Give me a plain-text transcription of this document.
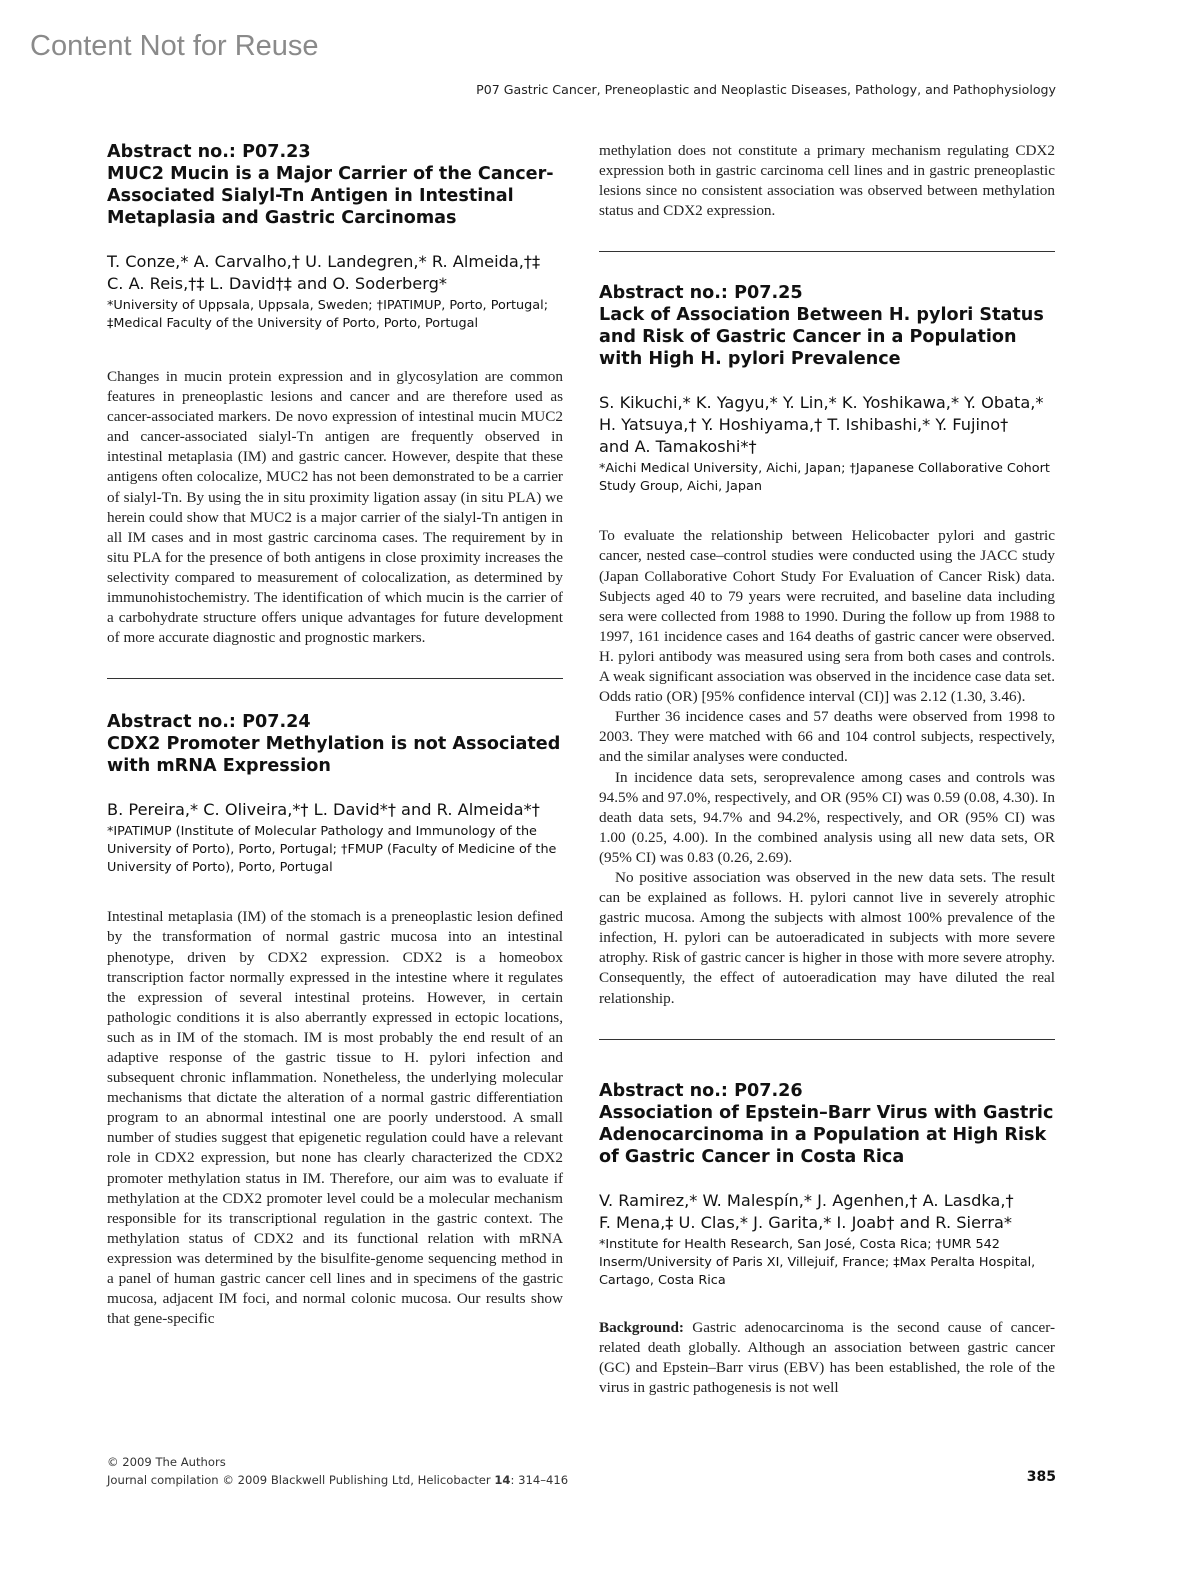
Content Not for Reuse
P07 Gastric Cancer, Preneoplastic and Neoplastic Diseases, Pathology, and Pathophysiology

Abstract no.: P07.23

MUC2 Mucin is a Major Carrier of the Cancer-Associated Sialyl-Tn Antigen in Intestinal Metaplasia and Gastric Carcinomas

T. Conze,* A. Carvalho,† U. Landegren,* R. Almeida,†‡
C. A. Reis,†‡ L. David†‡ and O. Soderberg*

*University of Uppsala, Uppsala, Sweden; †IPATIMUP, Porto, Portugal; ‡Medical Faculty of the University of Porto, Porto, Portugal

Changes in mucin protein expression and in glycosylation are common features in preneoplastic lesions and cancer and are therefore used as cancer-associated markers. De novo expression of intestinal mucin MUC2 and cancer-associated sialyl-Tn antigen are frequently observed in intestinal metaplasia (IM) and gastric cancer. However, despite that these antigens often colocalize, MUC2 has not been demonstrated to be a carrier of sialyl-Tn. By using the in situ proximity ligation assay (in situ PLA) we herein could show that MUC2 is a major carrier of the sialyl-Tn antigen in all IM cases and in most gastric carcinoma cases. The requirement by in situ PLA for the presence of both antigens in close proximity increases the selectivity compared to measurement of colocalization, as determined by immunohistochemistry. The identification of which mucin is the carrier of a carbohydrate structure offers unique advantages for future development of more accurate diagnostic and prognostic markers.

Abstract no.: P07.24

CDX2 Promoter Methylation is not Associated with mRNA Expression

B. Pereira,* C. Oliveira,*† L. David*† and R. Almeida*†

*IPATIMUP (Institute of Molecular Pathology and Immunology of the University of Porto), Porto, Portugal; †FMUP (Faculty of Medicine of the University of Porto), Porto, Portugal

Intestinal metaplasia (IM) of the stomach is a preneoplastic lesion defined by the transformation of normal gastric mucosa into an intestinal phenotype, driven by CDX2 expression. CDX2 is a homeobox transcription factor normally expressed in the intestine where it regulates the expression of several intestinal proteins. However, in certain pathologic conditions it is also aberrantly expressed in ectopic locations, such as in IM of the stomach. IM is most probably the end result of an adaptive response of the gastric tissue to H. pylori infection and subsequent chronic inflammation. Nonetheless, the underlying molecular mechanisms that dictate the alteration of a normal gastric differentiation program to an abnormal intestinal one are poorly understood. A small number of studies suggest that epigenetic regulation could have a relevant role in CDX2 expression, but none has clearly characterized the CDX2 promoter methylation status in IM. Therefore, our aim was to evaluate if methylation at the CDX2 promoter level could be a molecular mechanism responsible for its transcriptional regulation in the gastric context. The methylation status of CDX2 and its functional relation with mRNA expression was determined by the bisulfite-genome sequencing method in a panel of human gastric cancer cell lines and in specimens of the gastric mucosa, adjacent IM foci, and normal colonic mucosa. Our results show that gene-specific

methylation does not constitute a primary mechanism regulating CDX2 expression both in gastric carcinoma cell lines and in gastric preneoplastic lesions since no consistent association was observed between methylation status and CDX2 expression.

Abstract no.: P07.25

Lack of Association Between H. pylori Status and Risk of Gastric Cancer in a Population with High H. pylori Prevalence

S. Kikuchi,* K. Yagyu,* Y. Lin,* K. Yoshikawa,* Y. Obata,*
H. Yatsuya,† Y. Hoshiyama,† T. Ishibashi,* Y. Fujino†
and A. Tamakoshi*†

*Aichi Medical University, Aichi, Japan; †Japanese Collaborative Cohort Study Group, Aichi, Japan

To evaluate the relationship between Helicobacter pylori and gastric cancer, nested case–control studies were conducted using the JACC study (Japan Collaborative Cohort Study For Evaluation of Cancer Risk) data. Subjects aged 40 to 79 years were recruited, and baseline data including sera were collected from 1988 to 1990. During the follow up from 1988 to 1997, 161 incidence cases and 164 deaths of gastric cancer were observed. H. pylori antibody was measured using sera from both cases and controls. A weak significant association was observed in the incidence case data set. Odds ratio (OR) [95% confidence interval (CI)] was 2.12 (1.30, 3.46).

Further 36 incidence cases and 57 deaths were observed from 1998 to 2003. They were matched with 66 and 104 control subjects, respectively, and the similar analyses were conducted.

In incidence data sets, seroprevalence among cases and controls was 94.5% and 97.0%, respectively, and OR (95% CI) was 0.59 (0.08, 4.30). In death data sets, 94.7% and 94.2%, respectively, and OR (95% CI) was 1.00 (0.25, 4.00). In the combined analysis using all new data sets, OR (95% CI) was 0.83 (0.26, 2.69).

No positive association was observed in the new data sets. The result can be explained as follows. H. pylori cannot live in severely atrophic gastric mucosa. Among the subjects with almost 100% prevalence of the infection, H. pylori can be autoeradicated in subjects with more severe atrophy. Risk of gastric cancer is higher in those with more severe atrophy. Consequently, the effect of autoeradication may have diluted the real relationship.

Abstract no.: P07.26

Association of Epstein–Barr Virus with Gastric Adenocarcinoma in a Population at High Risk of Gastric Cancer in Costa Rica

V. Ramirez,* W. Malespín,* J. Agenhen,† A. Lasdka,†
F. Mena,‡ U. Clas,* J. Garita,* I. Joab† and R. Sierra*

*Institute for Health Research, San José, Costa Rica; †UMR 542 Inserm/University of Paris XI, Villejuif, France; ‡Max Peralta Hospital, Cartago, Costa Rica

Background: Gastric adenocarcinoma is the second cause of cancer-related death globally. Although an association between gastric cancer (GC) and Epstein–Barr virus (EBV) has been established, the role of the virus in gastric pathogenesis is not well

© 2009 The Authors
Journal compilation © 2009 Blackwell Publishing Ltd, Helicobacter 14: 314–416	385
